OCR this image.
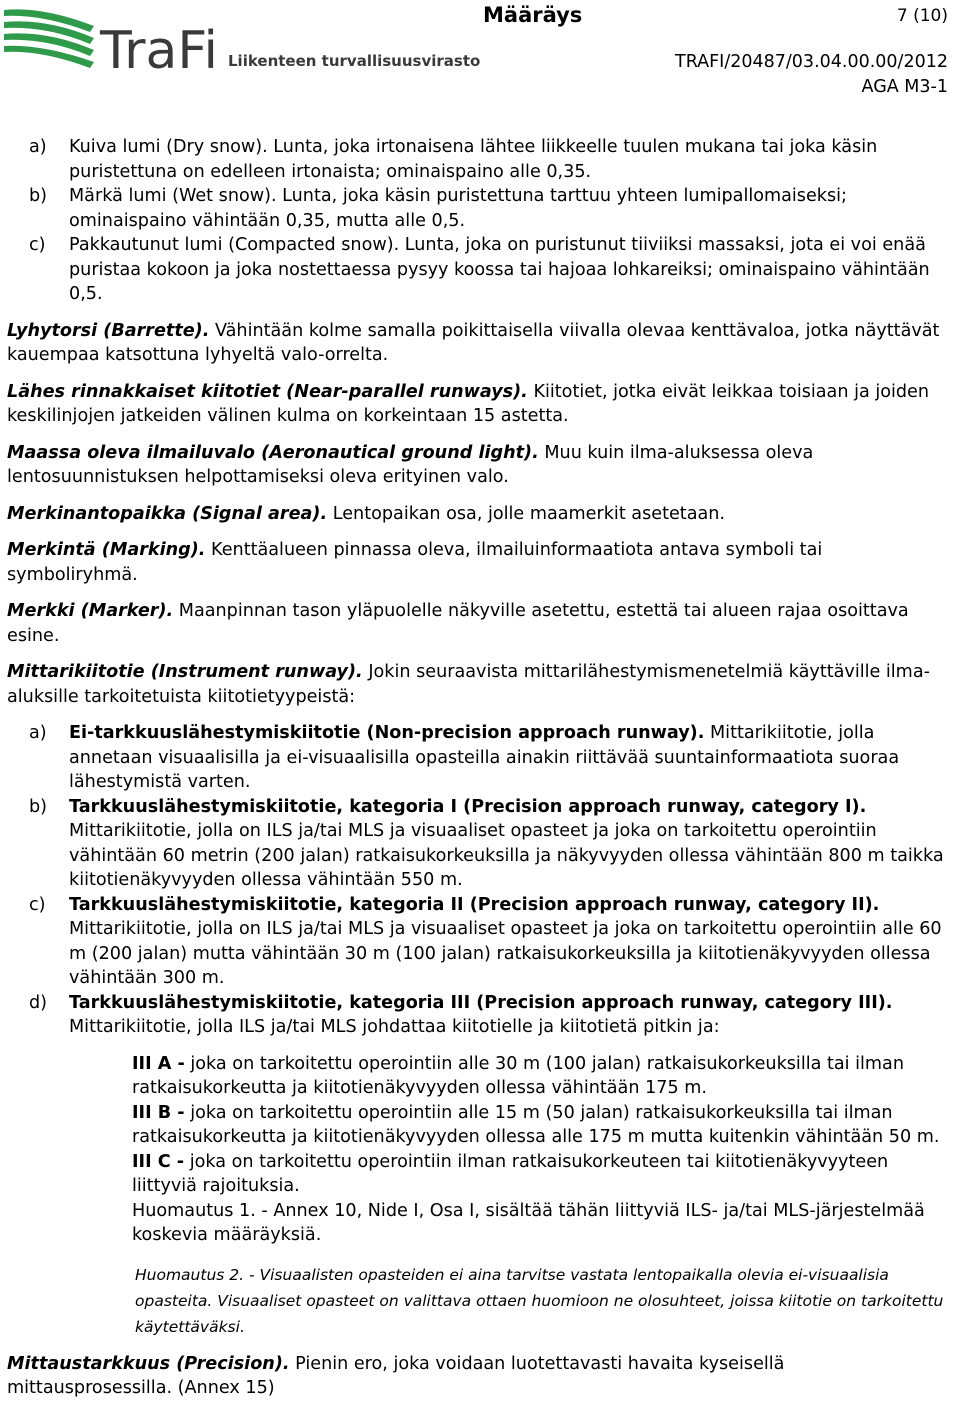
TraFi Liikenteen turvallisuusvirasto
Määräys	7 (10)
TRAFI/20487/03.04.00.00/2012
AGA M3-1
a) Kuiva lumi (Dry snow). Lunta, joka irtonaisena lähtee liikkeelle tuulen mukana tai joka käsin puristettuna on edelleen irtonaista; ominaispaino alle 0,35.

b) Märkä lumi (Wet snow). Lunta, joka käsin puristettuna tarttuu yhteen lumipallomaiseksi; ominaispaino vähintään 0,35, mutta alle 0,5.

c) Pakkautunut lumi (Compacted snow). Lunta, joka on puristunut tiiviiksi massaksi, jota ei voi enää puristaa kokoon ja joka nostettaessa pysyy koossa tai hajoaa lohkareiksi; ominaispaino vähintään 0,5.

Lyhytorsi (Barrette). Vähintään kolme samalla poikittaisella viivalla olevaa kenttävaloa, jotka näyttävät kauempaa katsottuna lyhyeltä valo-orrelta.

Lähes rinnakkaiset kiitotiet (Near-parallel runways). Kiitotiet, jotka eivät leikkaa toisiaan ja joiden keskilinjojen jatkeiden välinen kulma on korkeintaan 15 astetta.

Maassa oleva ilmailuvalo (Aeronautical ground light). Muu kuin ilma-aluksessa oleva lentosuunnistuksen helpottamiseksi oleva erityinen valo.

Merkinantopaikka (Signal area). Lentopaikan osa, jolle maamerkit asetetaan.

Merkintä (Marking). Kenttäalueen pinnassa oleva, ilmailuinformaatiota antava symboli tai symboliryhmä.

Merkki (Marker). Maanpinnan tason yläpuolelle näkyville asetettu, estettä tai alueen rajaa osoittava esine.

Mittarikiitotie (Instrument runway). Jokin seuraavista mittarilähestymismenetelmiä käyttäville ilma-aluksille tarkoitetuista kiitotietyypeistä:

a) Ei-tarkkuuslähestymiskiitotie (Non-precision approach runway). Mittarikiitotie, jolla annetaan visuaalisilla ja ei-visuaalisilla opasteilla ainakin riittävää suuntainformaatiota suoraa lähestymistä varten.

b) Tarkkuuslähestymiskiitotie, kategoria I (Precision approach runway, category I). Mittarikiitotie, jolla on ILS ja/tai MLS ja visuaaliset opasteet ja joka on tarkoitettu operointiin vähintään 60 metrin (200 jalan) ratkaisukorkeuksilla ja näkyvyyden ollessa vähintään 800 m taikka kiitotienäkyvyyden ollessa vähintään 550 m.

c) Tarkkuuslähestymiskiitotie, kategoria II (Precision approach runway, category II). Mittarikiitotie, jolla on ILS ja/tai MLS ja visuaaliset opasteet ja joka on tarkoitettu operointiin alle 60 m (200 jalan) mutta vähintään 30 m (100 jalan) ratkaisukorkeuksilla ja kiitotienäkyvyyden ollessa vähintään 300 m.

d) Tarkkuuslähestymiskiitotie, kategoria III (Precision approach runway, category III). Mittarikiitotie, jolla ILS ja/tai MLS johdattaa kiitotielle ja kiitotietä pitkin ja:

III A - joka on tarkoitettu operointiin alle 30 m (100 jalan) ratkaisukorkeuksilla tai ilman ratkaisukorkeutta ja kiitotienäkyvyyden ollessa vähintään 175 m.

III B - joka on tarkoitettu operointiin alle 15 m (50 jalan) ratkaisukorkeuksilla tai ilman ratkaisukorkeutta ja kiitotienäkyvyyden ollessa alle 175 m mutta kuitenkin vähintään 50 m.

III C - joka on tarkoitettu operointiin ilman ratkaisukorkeuteen tai kiitotienäkyvyyteen liittyviä rajoituksia.

Huomautus 1. - Annex 10, Nide I, Osa I, sisältää tähän liittyviä ILS- ja/tai MLS-järjestelmää koskevia määräyksiä.

Huomautus 2. - Visuaalisten opasteiden ei aina tarvitse vastata lentopaikalla olevia ei-visuaalisia opasteita. Visuaaliset opasteet on valittava ottaen huomioon ne olosuhteet, joissa kiitotie on tarkoitettu käytettäväksi.

Mittaustarkkuus (Precision). Pienin ero, joka voidaan luotettavasti havaita kyseisellä mittausprosessilla. (Annex 15)
